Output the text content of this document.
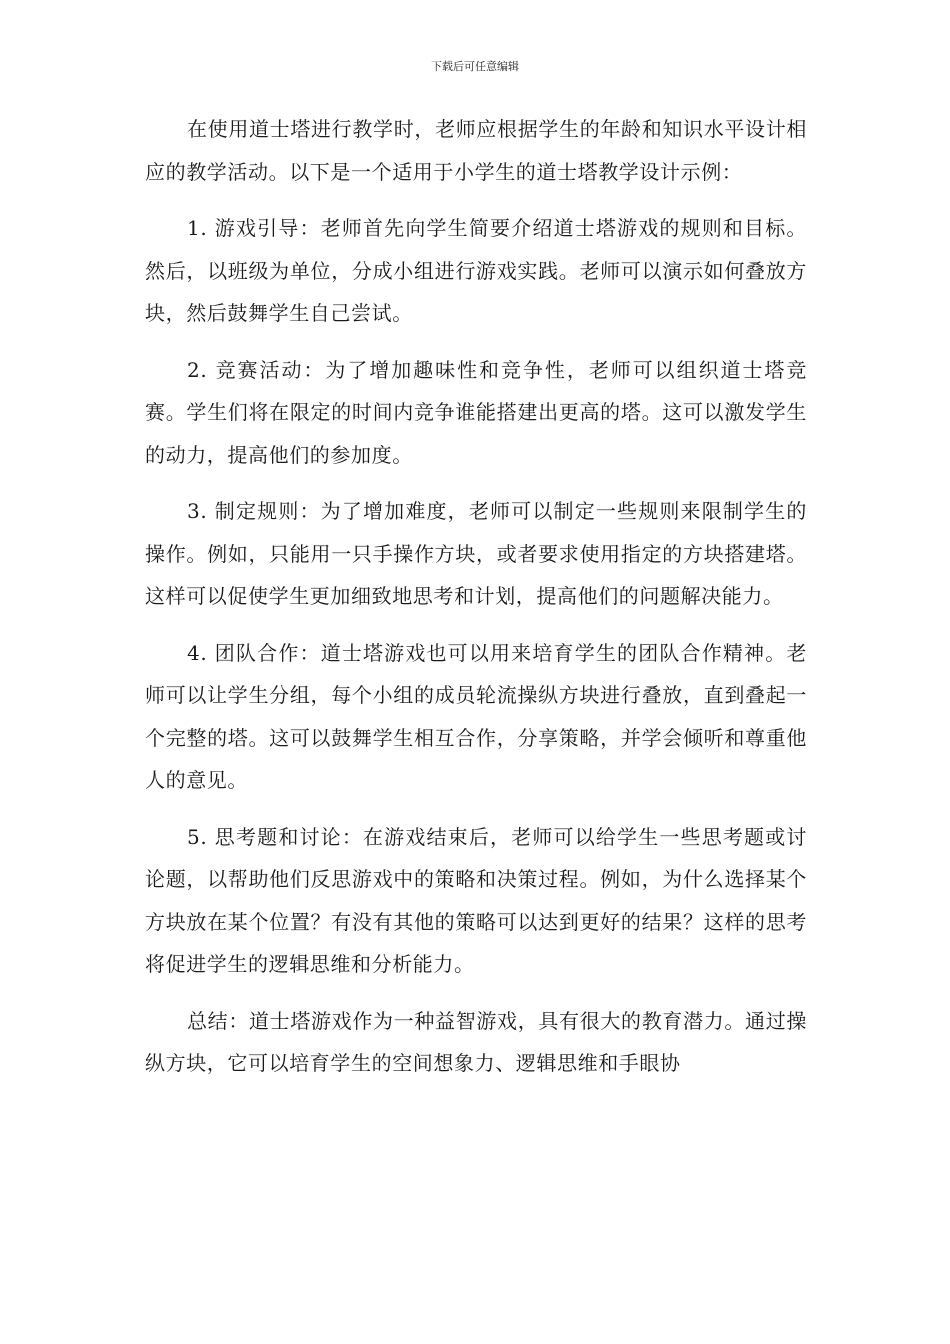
下载后可任意编辑

在使用道士塔进行教学时，老师应根据学生的年龄和知识水平设计相应的教学活动。以下是一个适用于小学生的道士塔教学设计示例：

1. 游戏引导：老师首先向学生简要介绍道士塔游戏的规则和目标。然后，以班级为单位，分成小组进行游戏实践。老师可以演示如何叠放方块，然后鼓舞学生自己尝试。

2. 竞赛活动：为了增加趣味性和竞争性，老师可以组织道士塔竞赛。学生们将在限定的时间内竞争谁能搭建出更高的塔。这可以激发学生的动力，提高他们的参加度。

3. 制定规则：为了增加难度，老师可以制定一些规则来限制学生的操作。例如，只能用一只手操作方块，或者要求使用指定的方块搭建塔。这样可以促使学生更加细致地思考和计划，提高他们的问题解决能力。

4. 团队合作：道士塔游戏也可以用来培育学生的团队合作精神。老师可以让学生分组，每个小组的成员轮流操纵方块进行叠放，直到叠起一个完整的塔。这可以鼓舞学生相互合作，分享策略，并学会倾听和尊重他人的意见。

5. 思考题和讨论：在游戏结束后，老师可以给学生一些思考题或讨论题，以帮助他们反思游戏中的策略和决策过程。例如，为什么选择某个方块放在某个位置？有没有其他的策略可以达到更好的结果？这样的思考将促进学生的逻辑思维和分析能力。

总结：道士塔游戏作为一种益智游戏，具有很大的教育潜力。通过操纵方块，它可以培育学生的空间想象力、逻辑思维和手眼协
